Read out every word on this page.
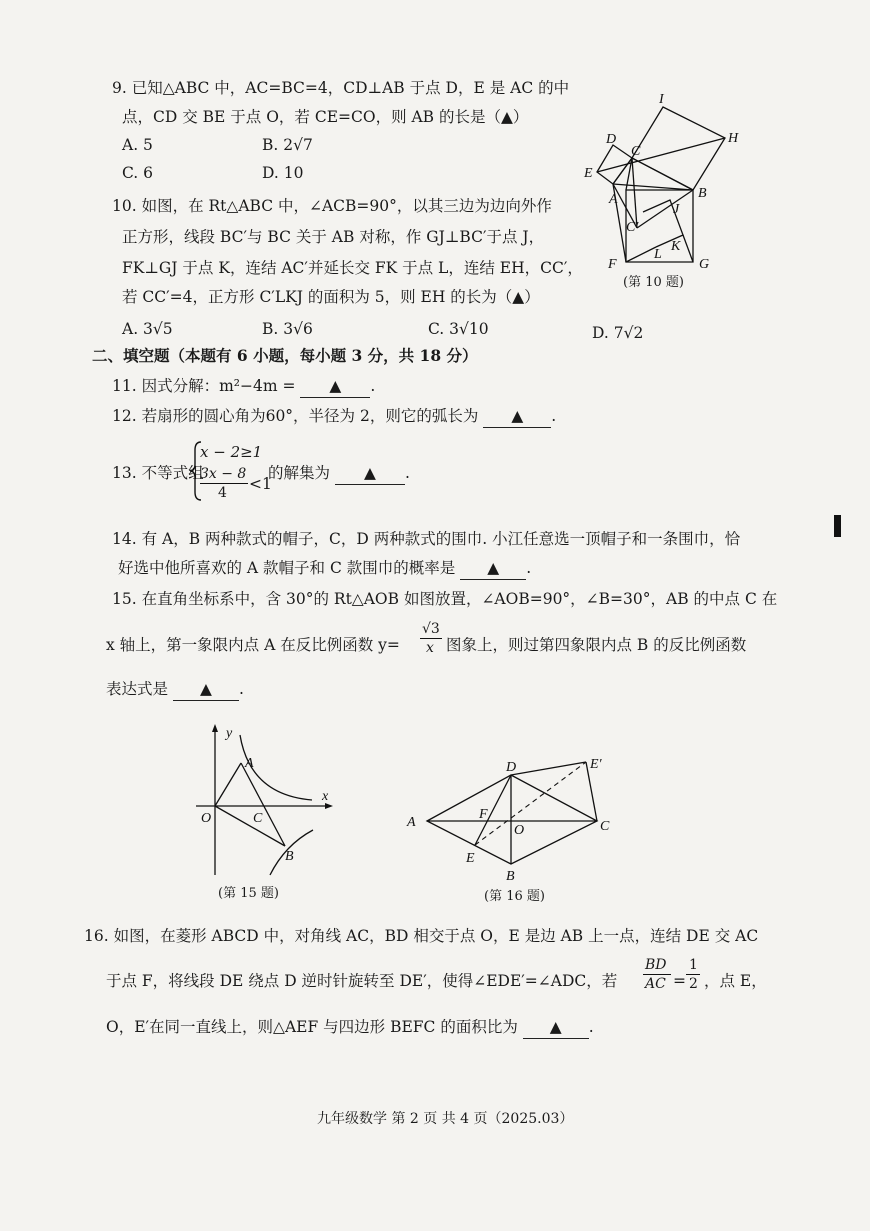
9. 已知△ABC 中，AC=BC=4，CD⊥AB 于点 D，E 是 AC 的中
点，CD 交 BE 于点 O，若 CE=CO，则 AB 的长是（▲）
A. 5	B. 2√7
C. 6	D. 10
10. 如图，在 Rt△ABC 中，∠ACB=90°，以其三边为边向外作
正方形，线段 BC′与 BC 关于 AB 对称，作 GJ⊥BC′于点 J，
FK⊥GJ 于点 K，连结 AC′并延长交 FK 于点 L，连结 EH，CC′，
若 CC′=4，正方形 C′LKJ 的面积为 5，则 EH 的长为（▲）
A. 3√5	B. 3√6	C. 3√10	D. 7√2
I
H
D
C
E
B
A
J
C′
L
K
F	G
(第 10 题)
二、填空题（本题有 6 小题，每小题 3 分，共 18 分）
11. 因式分解：m²−4m = ▲ .
12. 若扇形的圆心角为60°，半径为 2，则它的弧长为 ▲ .
13. 不等式组
x − 2≥1
3x − 8
4 <1
的解集为 ▲ .
14. 有 A，B 两种款式的帽子，C，D 两种款式的围巾. 小江任意选一顶帽子和一条围巾，恰
好选中他所喜欢的 A 款帽子和 C 款围巾的概率是 ▲ .
15. 在直角坐标系中，含 30°的 Rt△AOB 如图放置，∠AOB=90°，∠B=30°，AB 的中点 C 在
x 轴上，第一象限内点 A 在反比例函数 y=
√3
x 图象上，则过第四象限内点 B 的反比例函数
表达式是 ▲ .
y
x
A
O	C
B
(第 15 题)
D	E′
A
F
O	C
E
B
(第 16 题)
16. 如图，在菱形 ABCD 中，对角线 AC，BD 相交于点 O，E 是边 AB 上一点，连结 DE 交 AC
于点 F，将线段 DE 绕点 D 逆时针旋转至 DE′，使得∠EDE′=∠ADC，若
BD
AC =
1
2 ，点 E，
O，E′在同一直线上，则△AEF 与四边形 BEFC 的面积比为 ▲ .
九年级数学 第 2 页 共 4 页（2025.03）
